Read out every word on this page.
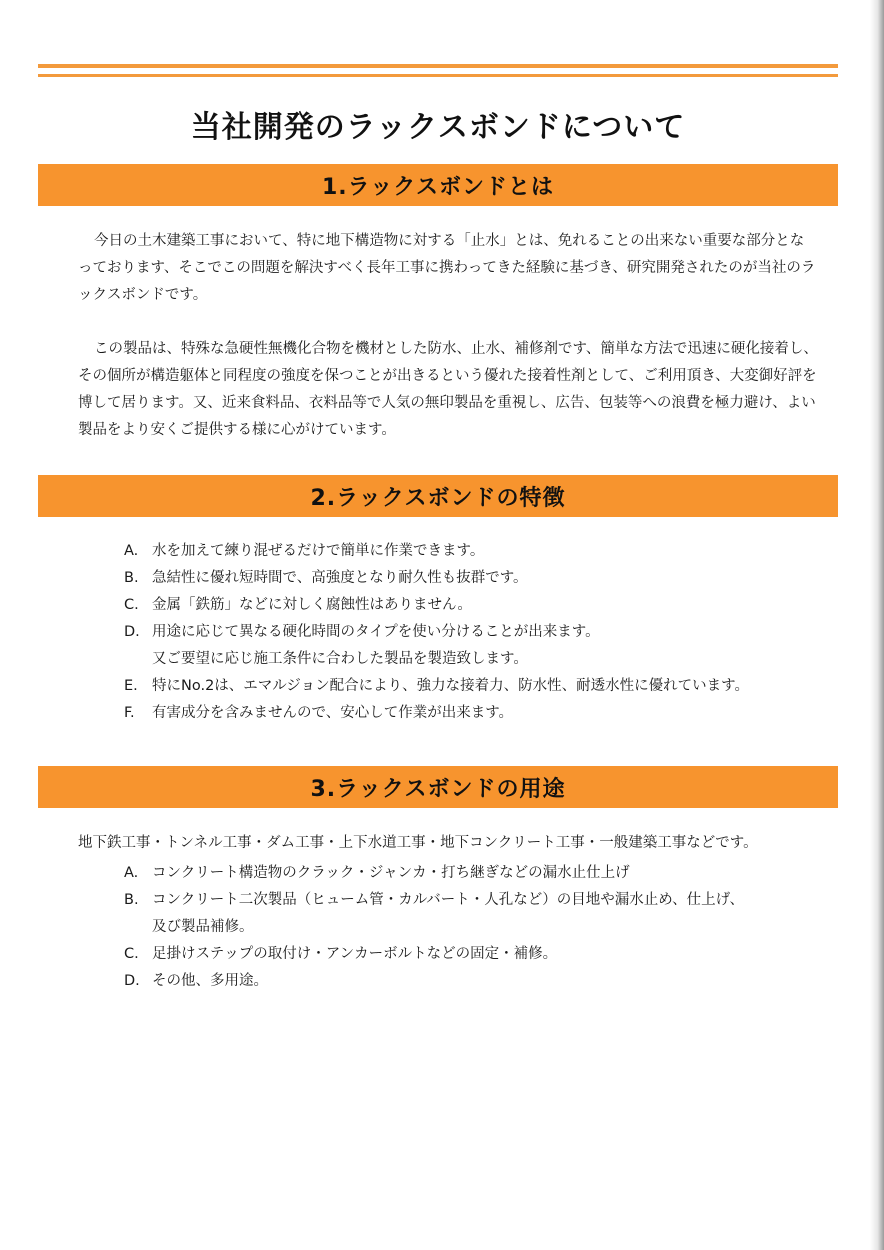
当社開発のラックスボンドについて
1.ラックスボンドとは

今日の土木建築工事において、特に地下構造物に対する「止水」とは、免れることの出来ない重要な部分となっております、そこでこの問題を解決すべく長年工事に携わってきた経験に基づき、研究開発されたのが当社のラックスボンドです。

この製品は、特殊な急硬性無機化合物を機材とした防水、止水、補修剤です、簡単な方法で迅速に硬化接着し、その個所が構造躯体と同程度の強度を保つことが出きるという優れた接着性剤として、ご利用頂き、大変御好評を博して居ります。又、近来食料品、衣料品等で人気の無印製品を重視し、広告、包装等への浪費を極力避け、よい製品をより安くご提供する様に心がけています。

2.ラックスボンドの特徴
A. 水を加えて練り混ぜるだけで簡単に作業できます。
B. 急結性に優れ短時間で、高強度となり耐久性も抜群です。
C. 金属「鉄筋」などに対しく腐蝕性はありません。
D. 用途に応じて異なる硬化時間のタイプを使い分けることが出来ます。
又ご要望に応じ施工条件に合わした製品を製造致します。
E. 特にNo.2は、エマルジョン配合により、強力な接着力、防水性、耐透水性に優れています。
F.	有害成分を含みませんので、安心して作業が出来ます。
3.ラックスボンドの用途

地下鉄工事・トンネル工事・ダム工事・上下水道工事・地下コンクリート工事・一般建築工事などです。

A. コンクリート構造物のクラック・ジャンカ・打ち継ぎなどの漏水止仕上げ
B. コンクリート二次製品（ヒューム管・カルバート・人孔など）の目地や漏水止め、仕上げ、
及び製品補修。
C. 足掛けステップの取付け・アンカーボルトなどの固定・補修。
D. その他、多用途。
